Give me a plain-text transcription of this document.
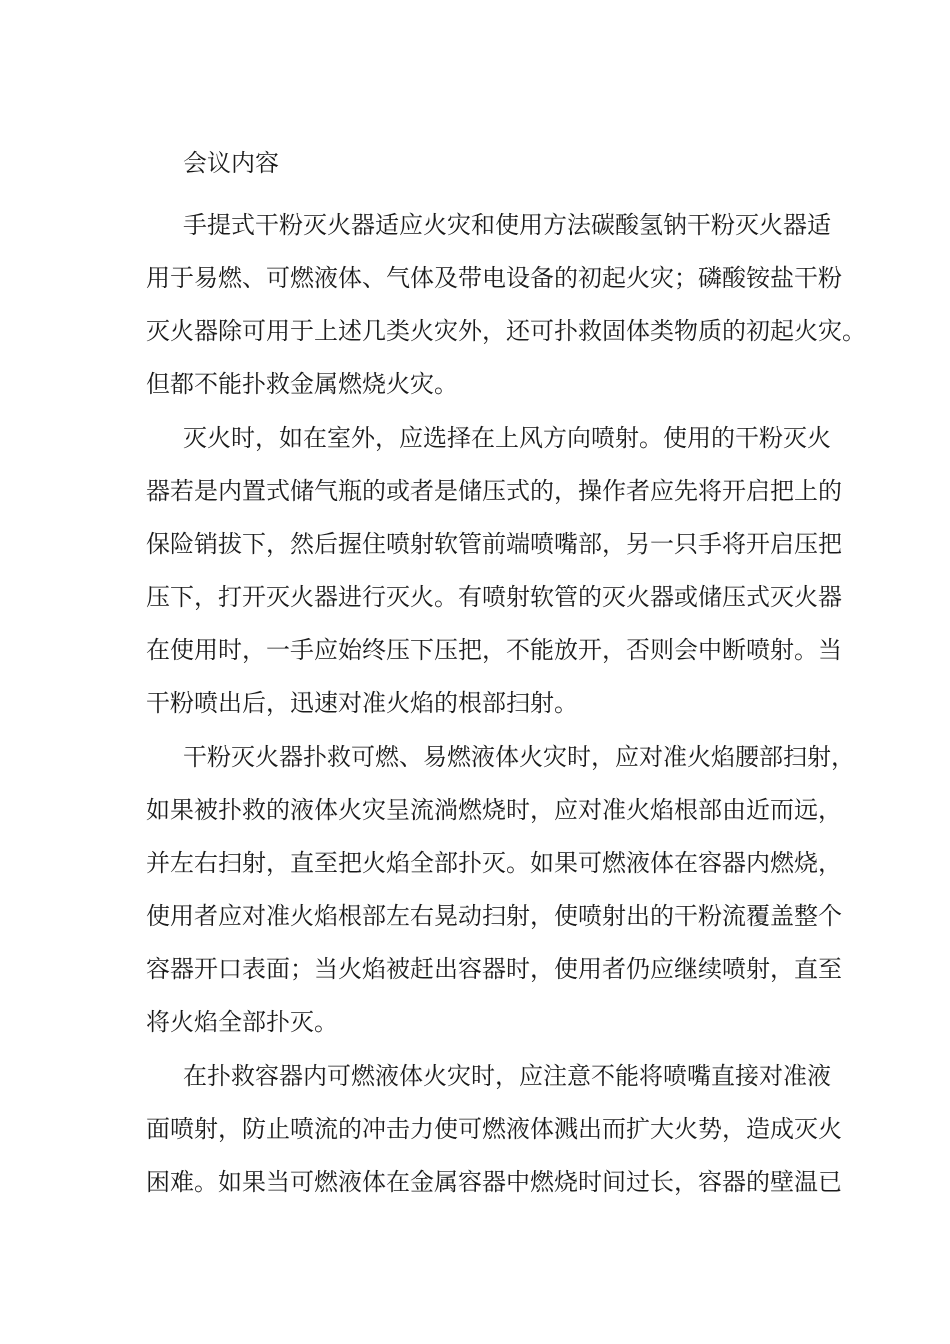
会议内容
手提式干粉灭火器适应火灾和使用方法碳酸氢钠干粉灭火器适
用于易燃、可燃液体、气体及带电设备的初起火灾；磷酸铵盐干粉
灭火器除可用于上述几类火灾外，还可扑救固体类物质的初起火灾。
但都不能扑救金属燃烧火灾。
灭火时，如在室外，应选择在上风方向喷射。使用的干粉灭火
器若是内置式储气瓶的或者是储压式的，操作者应先将开启把上的
保险销拔下，然后握住喷射软管前端喷嘴部，另一只手将开启压把
压下，打开灭火器进行灭火。有喷射软管的灭火器或储压式灭火器
在使用时，一手应始终压下压把，不能放开，否则会中断喷射。当
干粉喷出后，迅速对准火焰的根部扫射。
干粉灭火器扑救可燃、易燃液体火灾时，应对准火焰腰部扫射，
如果被扑救的液体火灾呈流淌燃烧时，应对准火焰根部由近而远，
并左右扫射，直至把火焰全部扑灭。如果可燃液体在容器内燃烧，
使用者应对准火焰根部左右晃动扫射，使喷射出的干粉流覆盖整个
容器开口表面；当火焰被赶出容器时，使用者仍应继续喷射，直至
将火焰全部扑灭。
在扑救容器内可燃液体火灾时，应注意不能将喷嘴直接对准液
面喷射，防止喷流的冲击力使可燃液体溅出而扩大火势，造成灭火
困难。如果当可燃液体在金属容器中燃烧时间过长，容器的壁温已
